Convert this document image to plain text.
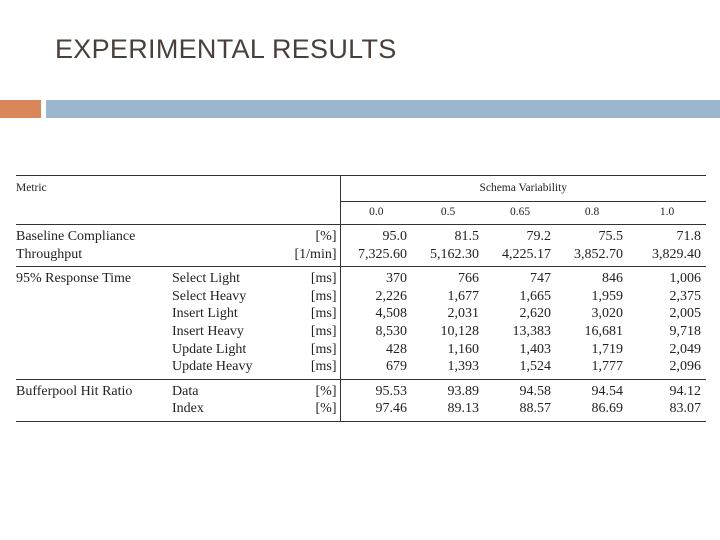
EXPERIMENTAL RESULTS
Metric			Schema Variability				
			0.0	0.5	0.65	0.8	1.0
Baseline Compliance		[%]	95.0	81.5	79.2	75.5	71.8
Throughput		[1/min]	7,325.60	5,162.30	4,225.17	3,852.70	3,829.40
95% Response Time	Select Light	[ms]	370	766	747	846	1,006
	Select Heavy	[ms]	2,226	1,677	1,665	1,959	2,375
	Insert Light	[ms]	4,508	2,031	2,620	3,020	2,005
	Insert Heavy	[ms]	8,530	10,128	13,383	16,681	9,718
	Update Light	[ms]	428	1,160	1,403	1,719	2,049
	Update Heavy	[ms]	679	1,393	1,524	1,777	2,096
Bufferpool Hit Ratio	Data	[%]	95.53	93.89	94.58	94.54	94.12
	Index	[%]	97.46	89.13	88.57	86.69	83.07
